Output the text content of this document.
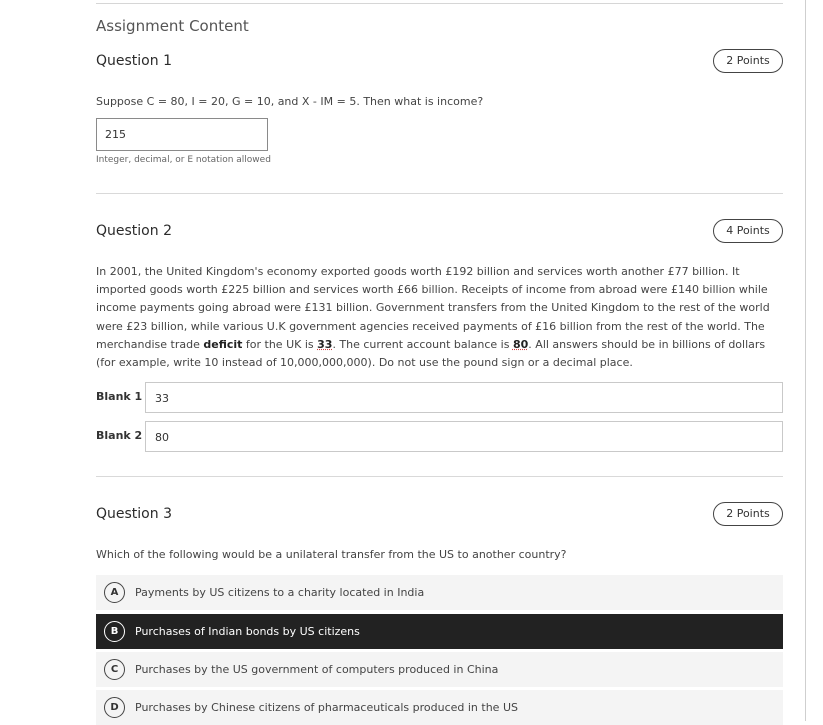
Assignment Content
Question 1	2 Points
Suppose C = 80, I = 20, G = 10, and X - IM = 5. Then what is income?
215
Integer, decimal, or E notation allowed
Question 2	4 Points
In 2001, the United Kingdom's economy exported goods worth £192 billion and services worth another £77 billion. It imported goods worth £225 billion and services worth £66 billion. Receipts of income from abroad were £140 billion while income payments going abroad were £131 billion. Government transfers from the United Kingdom to the rest of the world were £23 billion, while various U.K government agencies received payments of £16 billion from the rest of the world. The merchandise trade deficit for the UK is 33. The current account balance is 80. All answers should be in billions of dollars (for example, write 10 instead of 10,000,000,000). Do not use the pound sign or a decimal place.
Blank 1	33
Blank 2	80
Question 3	2 Points
Which of the following would be a unilateral transfer from the US to another country?
A	Payments by US citizens to a charity located in India
B	Purchases of Indian bonds by US citizens
C	Purchases by the US government of computers produced in China
D	Purchases by Chinese citizens of pharmaceuticals produced in the US
